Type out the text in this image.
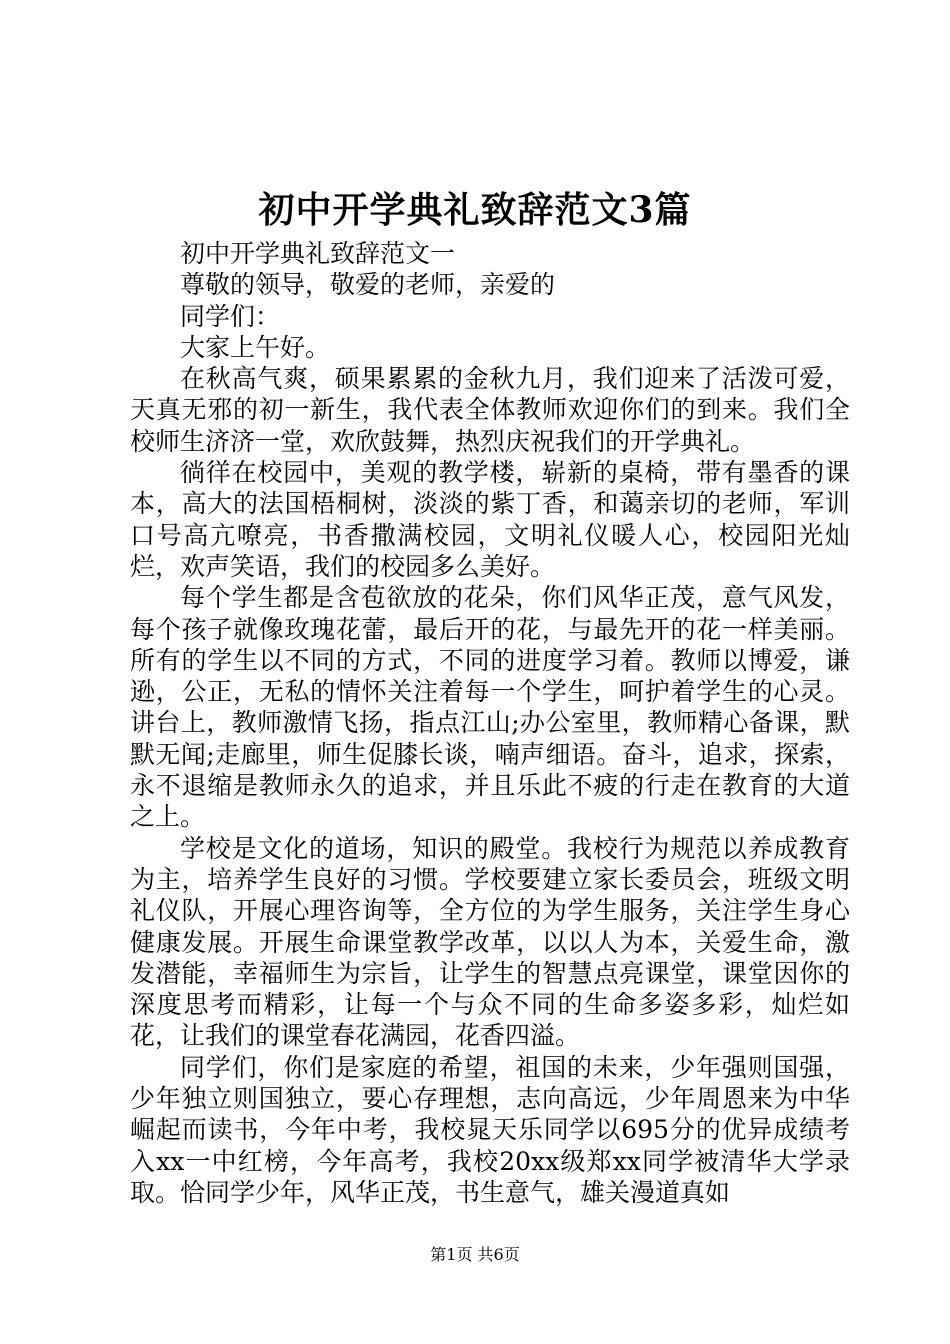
初中开学典礼致辞范文3篇

初中开学典礼致辞范文一

尊敬的领导，敬爱的老师，亲爱的

同学们：

大家上午好。

在秋高气爽，硕果累累的金秋九月，我们迎来了活泼可爱，天真无邪的初一新生，我代表全体教师欢迎你们的到来。我们全校师生济济一堂，欢欣鼓舞，热烈庆祝我们的开学典礼。

徜徉在校园中，美观的教学楼，崭新的桌椅，带有墨香的课本，高大的法国梧桐树，淡淡的紫丁香，和蔼亲切的老师，军训口号高亢嘹亮，书香撒满校园，文明礼仪暖人心，校园阳光灿烂，欢声笑语，我们的校园多么美好。

每个学生都是含苞欲放的花朵，你们风华正茂，意气风发，每个孩子就像玫瑰花蕾，最后开的花，与最先开的花一样美丽。所有的学生以不同的方式，不同的进度学习着。教师以博爱，谦逊，公正，无私的情怀关注着每一个学生，呵护着学生的心灵。讲台上，教师激情飞扬，指点江山;办公室里，教师精心备课，默默无闻;走廊里，师生促膝长谈，喃声细语。奋斗，追求，探索，永不退缩是教师永久的追求，并且乐此不疲的行走在教育的大道之上。

学校是文化的道场，知识的殿堂。我校行为规范以养成教育为主，培养学生良好的习惯。学校要建立家长委员会，班级文明礼仪队，开展心理咨询等，全方位的为学生服务，关注学生身心健康发展。开展生命课堂教学改革，以以人为本，关爱生命，激发潜能，幸福师生为宗旨，让学生的智慧点亮课堂，课堂因你的深度思考而精彩，让每一个与众不同的生命多姿多彩，灿烂如花，让我们的课堂春花满园，花香四溢。

同学们，你们是家庭的希望，祖国的未来，少年强则国强，少年独立则国独立，要心存理想，志向高远，少年周恩来为中华崛起而读书，今年中考，我校晁天乐同学以695分的优异成绩考入xx一中红榜，今年高考，我校20xx级郑xx同学被清华大学录取。恰同学少年，风华正茂，书生意气，雄关漫道真如

第1页 共6页
